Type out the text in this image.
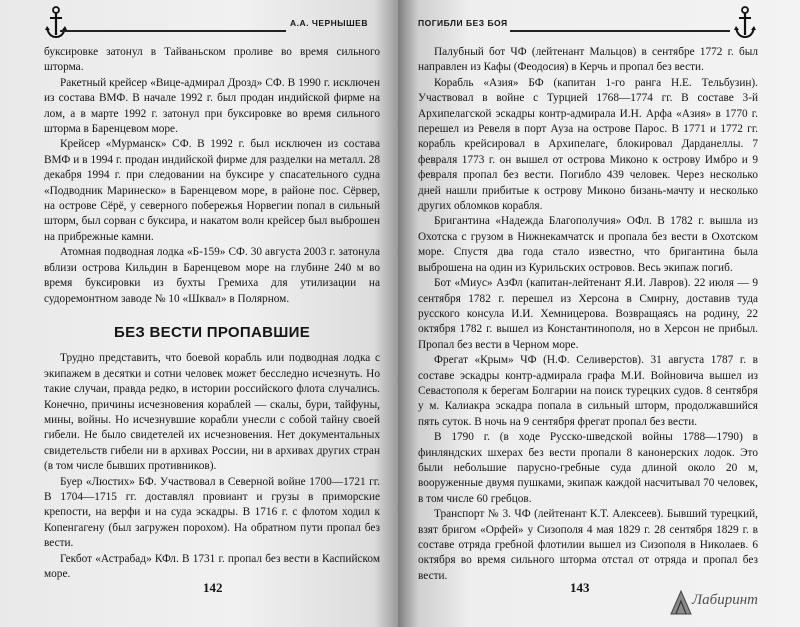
А.А. ЧЕРНЫШЕВ

буксировке затонул в Тайваньском проливе во время сильного шторма.

Ракетный крейсер «Вице-адмирал Дрозд» СФ. В 1990 г. исключен из состава ВМФ. В начале 1992 г. был продан индийской фирме на лом, а в марте 1992 г. затонул при буксировке во время сильного шторма в Баренцевом море.

Крейсер «Мурманск» СФ. В 1992 г. был исключен из состава ВМФ и в 1994 г. продан индийской фирме для разделки на металл. 28 декабря 1994 г. при следовании на буксире у спасательного судна «Подводник Маринеско» в Баренцевом море, в районе пос. Сёрвер, на острове Сёрё, у северного побережья Норвегии попал в сильный шторм, был сорван с буксира, и накатом волн крейсер был выброшен на прибрежные камни.

Атомная подводная лодка «Б-159» СФ. 30 августа 2003 г. затонула вблизи острова Кильдин в Баренцевом море на глубине 240 м во время буксировки из бухты Гремиха для утилизации на судоремонтном заводе № 10 «Шквал» в Полярном.

БЕЗ ВЕСТИ ПРОПАВШИЕ

Трудно представить, что боевой корабль или подводная лодка с экипажем в десятки и сотни человек может бесследно исчезнуть. Но такие случаи, правда редко, в истории российского флота случались. Конечно, причины исчезновения кораблей — скалы, бури, тайфуны, мины, войны. Но исчезнувшие корабли унесли с собой тайну своей гибели. Не было свидетелей их исчезновения. Нет документальных свидетельств гибели ни в архивах России, ни в архивах других стран (в том числе бывших противников).

Буер «Люстих» БФ. Участвовал в Северной войне 1700—1721 гг. В 1704—1715 гг. доставлял провиант и грузы в приморские крепости, на верфи и на суда эскадры. В 1716 г. с флотом ходил к Копенгагену (был загружен порохом). На обратном пути пропал без вести.

Гекбот «Астрабад» КФл. В 1731 г. пропал без вести в Каспийском море.

142
ПОГИБЛИ БЕЗ БОЯ

Палубный бот ЧФ (лейтенант Мальцов) в сентябре 1772 г. был направлен из Кафы (Феодосия) в Керчь и пропал без вести.

Корабль «Азия» БФ (капитан 1-го ранга Н.Е. Тельбузин). Участвовал в войне с Турцией 1768—1774 гг. В составе 3-й Архипелагской эскадры контр-адмирала И.Н. Арфа «Азия» в 1770 г. перешел из Ревеля в порт Ауза на острове Парос. В 1771 и 1772 гг. корабль крейсировал в Архипелаге, блокировал Дарданеллы. 7 февраля 1773 г. он вышел от острова Миконо к острову Имбро и 9 февраля пропал без вести. Погибло 439 человек. Через несколько дней нашли прибитые к острову Миконо бизань-мачту и несколько других обломков корабля.

Бригантина «Надежда Благополучия» ОФл. В 1782 г. вышла из Охотска с грузом в Нижнекамчатск и пропала без вести в Охотском море. Спустя два года стало известно, что бригантина была выброшена на один из Курильских островов. Весь экипаж погиб.

Бот «Миус» АзФл (капитан-лейтенант Я.И. Лавров). 22 июля — 9 сентября 1782 г. перешел из Херсона в Смирну, доставив туда русского консула И.И. Хемницерова. Возвращаясь на родину, 22 октября 1782 г. вышел из Константинополя, но в Херсон не прибыл. Пропал без вести в Черном море.

Фрегат «Крым» ЧФ (Н.Ф. Селиверстов). 31 августа 1787 г. в составе эскадры контр-адмирала графа М.И. Войновича вышел из Севастополя к берегам Болгарии на поиск турецких судов. 8 сентября у м. Калиакра эскадра попала в сильный шторм, продолжавшийся пять суток. В ночь на 9 сентября фрегат пропал без вести.

В 1790 г. (в ходе Русско-шведской войны 1788—1790) в финляндских шхерах без вести пропали 8 канонерских лодок. Это были небольшие парусно-гребные суда длиной около 20 м, вооруженные двумя пушками, экипаж каждой насчитывал 70 человек, в том числе 60 гребцов.

Транспорт № 3. ЧФ (лейтенант К.Т. Алексеев). Бывший турецкий, взят бригом «Орфей» у Сизополя 4 мая 1829 г. 28 сентября 1829 г. в составе отряда гребной флотилии вышел из Сизополя в Николаев. 6 октября во время сильного шторма отстал от отряда и пропал без вести.

143
Лабиринт
